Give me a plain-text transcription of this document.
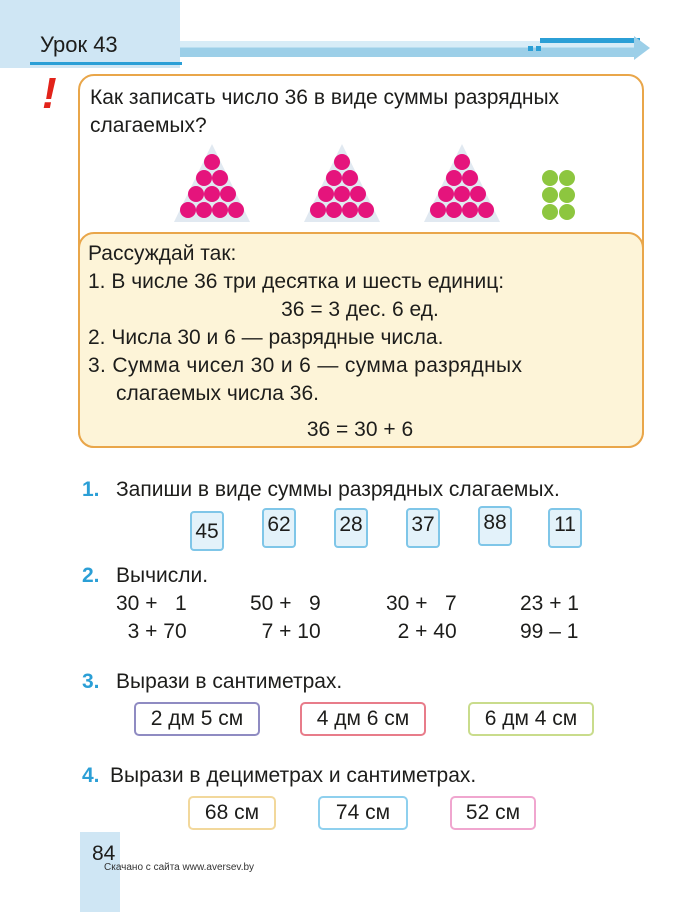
Урок 43
! Как записать число 36 в виде суммы разрядных слагаемых?
Рассуждай так:
1. В числе 36 три десятка и шесть единиц:
36 = 3 дес. 6 ед.
2. Числа 30 и 6 — разрядные числа.
3. Сумма чисел 30 и 6 — сумма разрядных
слагаемых числа 36.
36 = 30 + 6
1. Запиши в виде суммы разрядных слагаемых.
45 62 28 37 88 11
2. Вычисли.
30 +   1	50 +   9	30 +   7	23 + 1
3 + 70	7 + 10	2 + 40	99 – 1
3. Вырази в сантиметрах.
2 дм 5 см	4 дм 6 см	6 дм 4 см
4. Вырази в дециметрах и сантиметрах.
68 см	74 см	52 см
84
Скачано с сайта www.aversev.by
